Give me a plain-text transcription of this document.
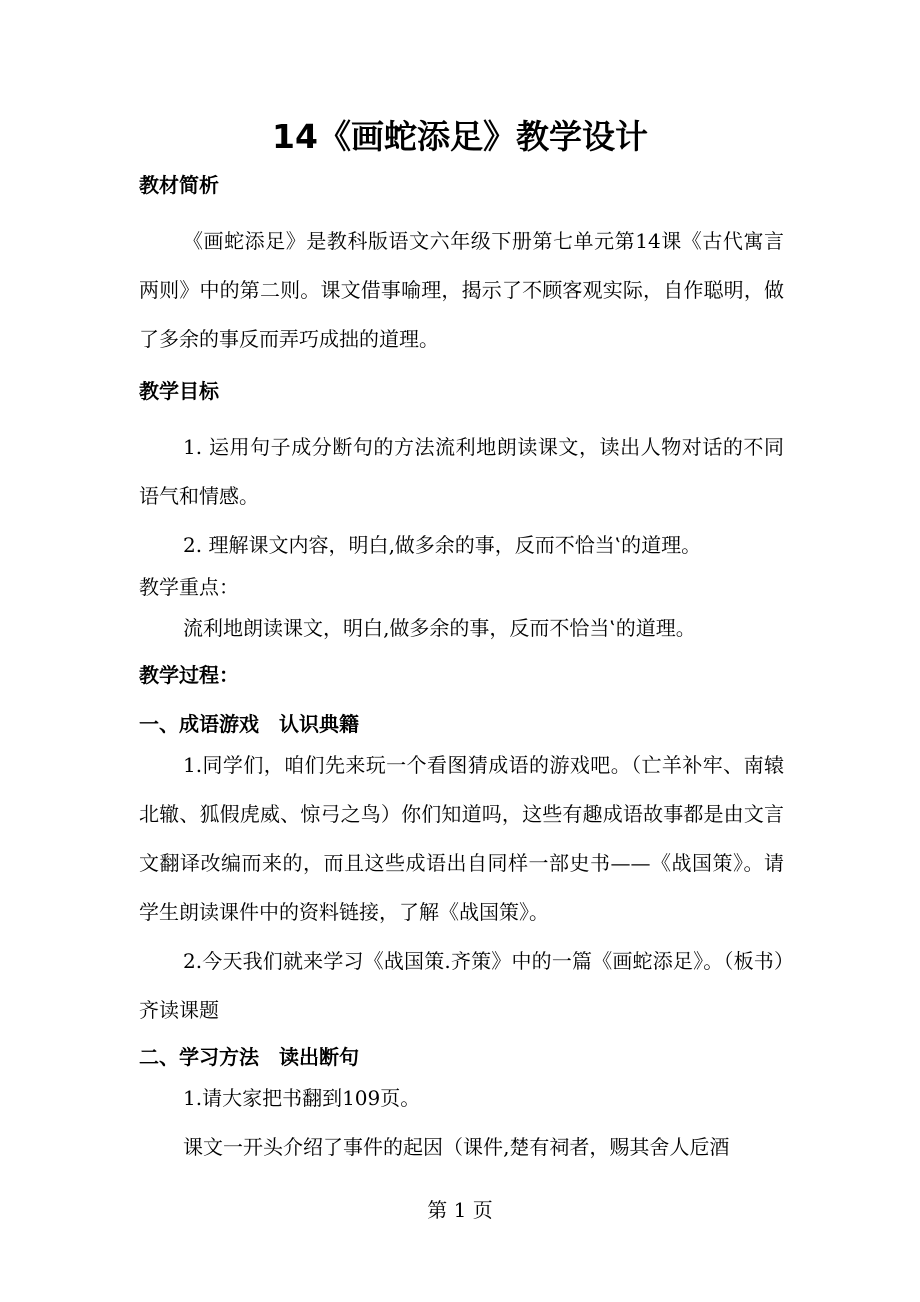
14《画蛇添足》教学设计
教材简析

《画蛇添足》是教科版语文六年级下册第七单元第14课《古代寓言两则》中的第二则。课文借事喻理，揭示了不顾客观实际，自作聪明，做了多余的事反而弄巧成拙的道理。

教学目标

1. 运用句子成分断句的方法流利地朗读课文，读出人物对话的不同语气和情感。

2. 理解课文内容，明白‚做多余的事，反而不恰当‛的道理。

教学重点：

流利地朗读课文，明白‚做多余的事，反而不恰当‛的道理。

教学过程：
一、成语游戏　认识典籍

1.同学们，咱们先来玩一个看图猜成语的游戏吧。（亡羊补牢、南辕北辙、狐假虎威、惊弓之鸟）你们知道吗，这些有趣成语故事都是由文言文翻译改编而来的，而且这些成语出自同样一部史书——《战国策》。请学生朗读课件中的资料链接，了解《战国策》。

2.今天我们就来学习《战国策.齐策》中的一篇《画蛇添足》。（板书）齐读课题

二、学习方法　读出断句

1.请大家把书翻到109页。

课文一开头介绍了事件的起因（课件‚楚有祠者，赐其舍人卮酒

第 1 页
